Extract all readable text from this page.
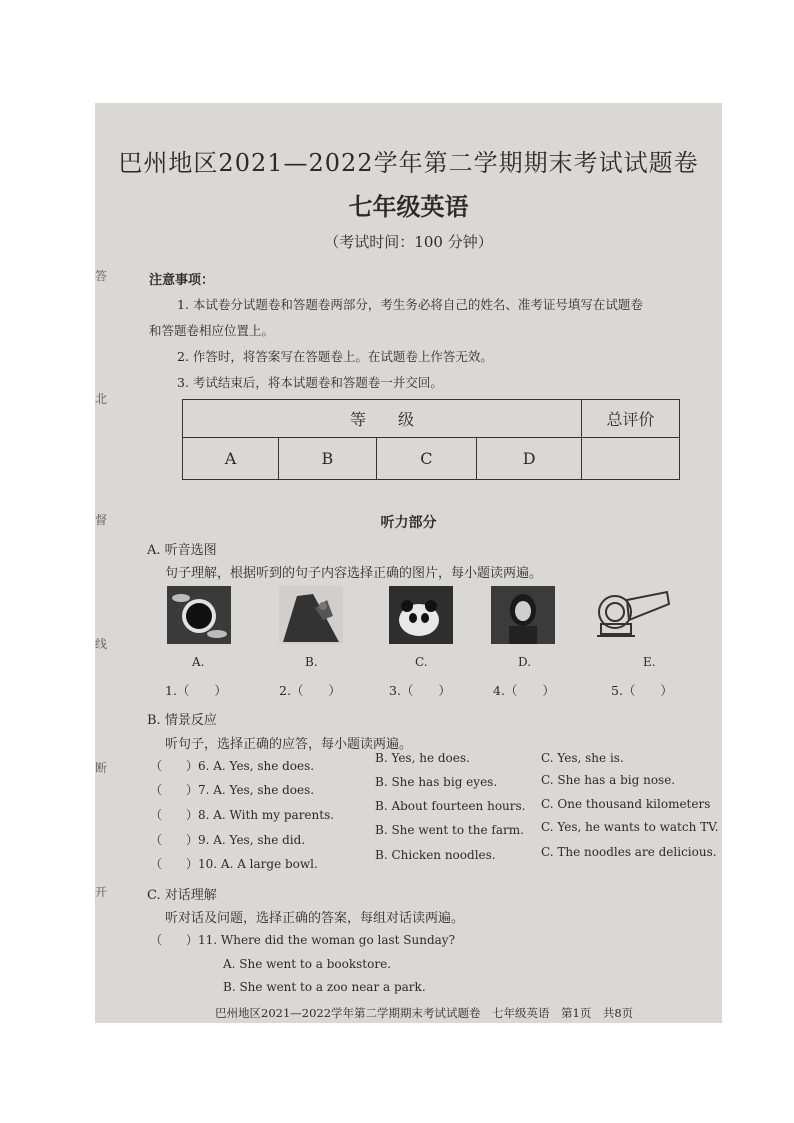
答
北
督
线
断
开
巴州地区2021—2022学年第二学期期末考试试题卷
七年级英语
（考试时间：100 分钟）
注意事项：
1. 本试卷分试题卷和答题卷两部分，考生务必将自己的姓名、准考证号填写在试题卷
和答题卷相应位置上。
2. 作答时，将答案写在答题卷上。在试题卷上作答无效。
3. 考试结束后，将本试题卷和答题卷一并交回。
等　　级				总评价
A	B	C	D	
听力部分
A. 听音选图
句子理解，根据听到的句子内容选择正确的图片，每小题读两遍。
A.	B.	C.	D.	E.
1.（　　）	2.（　　）	3.（　　）	4.（　　）	5.（　　）
B. 情景反应
听句子，选择正确的应答，每小题读两遍。
（　　）6. A. Yes, she does.
B. Yes, he does.	C. Yes, she is.
（　　）7. A. Yes, she does.
B. She has big eyes.	C. She has a big nose.
（　　）8. A. With my parents.
B. About fourteen hours. C. One thousand kilometers
（　　）9. A. Yes, she did.
B. She went to the farm. C. Yes, he wants to watch TV.
（　　）10. A. A large bowl.
B. Chicken noodles.	C. The noodles are delicious.
C. 对话理解
听对话及问题，选择正确的答案，每组对话读两遍。
（　　）11. Where did the woman go last Sunday?
A. She went to a bookstore.
B. She went to a zoo near a park.
巴州地区2021—2022学年第二学期期末考试试题卷　七年级英语　第1页　共8页
